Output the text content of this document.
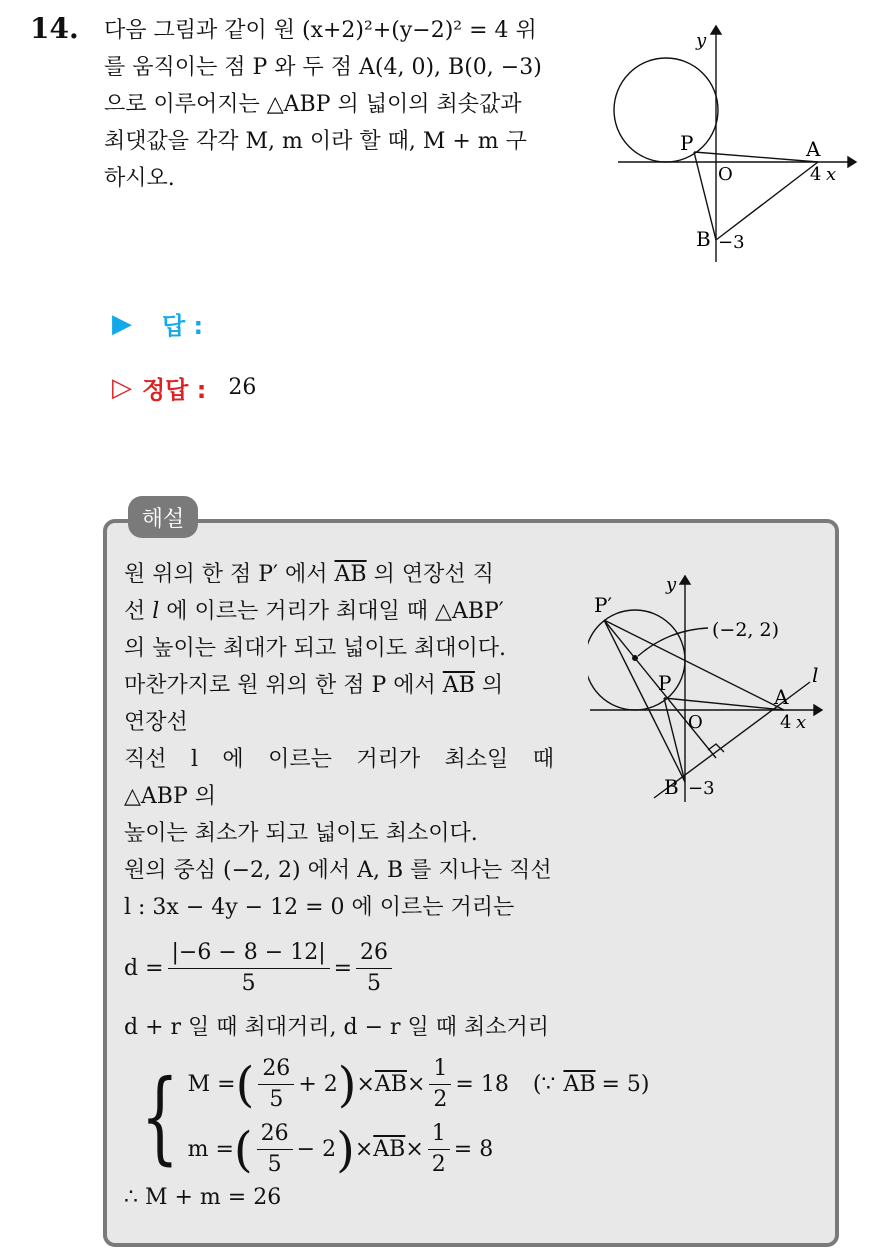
14. 다음 그림과 같이 원 (x+2)²+(y−2)² = 4 위

를 움직이는 점 P 와 두 점 A(4, 0), B(0, −3)

으로 이루어지는 △ABP 의 넓이의 최솟값과

최댓값을 각각 M, m 이라 할 때, M + m 구

하시오.

y
P	A
O	4 x
B −3
▶ 답 :
▷ 정답 : 26
해설

원 위의 한 점 P′ 에서 $\overline{AB}$ 의 연장선 직

선 l 에 이르는 거리가 최대일 때 △ABP′

의 높이는 최대가 되고 넓이도 최대이다.

마찬가지로 원 위의 한 점 P 에서 $\overline{AB}$ 의

연장선

직선 l 에 이르는 거리가 최소일 때

△ABP 의

높이는 최소가 되고 넓이도 최소이다.

원의 중심 (−2, 2) 에서 A, B 를 지나는 직선

l : 3x − 4y − 12 = 0 에 이르는 거리는

y
P′
(−2, 2)
l
P
A
O	4 x
B −3
$d = \frac{|-6 - 8 - 12|}{5} = \frac{26}{5}$
d + r 일 때 최대거리, d − r 일 때 최소거리
{ M = ( $\frac{26}{5} + 2$ ) × $\overline{AB} \times \frac{1}{2} = 18$ (∵ $\overline{AB} = 5$)
m = ( $\frac{26}{5} - 2$ ) × $\overline{AB} \times \frac{1}{2} = 8$
∴ M + m = 26
